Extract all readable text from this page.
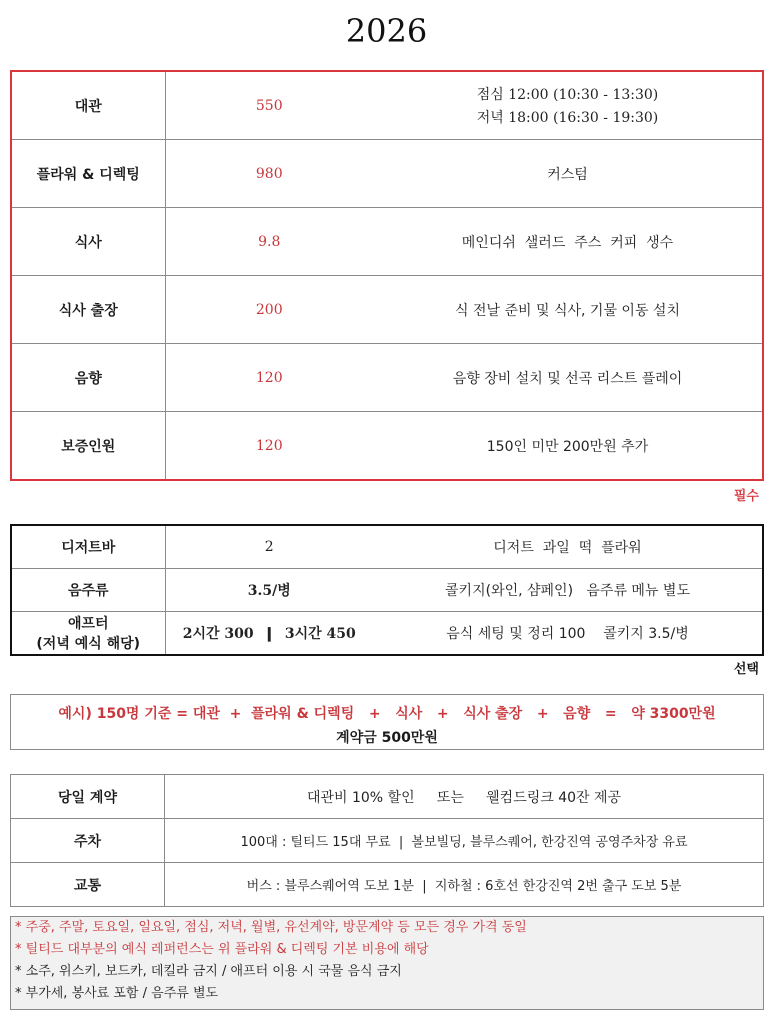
2026
대관	550	점심 12:00 (10:30 - 13:30)
저녁 18:00 (16:30 - 19:30)

플라워 & 디렉팅	980	커스텀
식사	9.8	메인디쉬  샐러드  주스  커피  생수
식사 출장	200	식 전날 준비 및 식사, 기물 이동 설치
음향	120	음향 장비 설치 및 선곡 리스트 플레이
보증인원	120	150인 미만 200만원 추가
필수
디저트바	2	디저트  과일  떡  플라워
음주류	3.5/병	콜키지(와인, 샴페인)   음주류 메뉴 별도

애프터
(저녁 예식 해당)	2시간 300  ❙  3시간 450	음식 세팅 및 정리 100    콜키지 3.5/병
선택
예시) 150명 기준 = 대관  +  플라워 & 디렉팅   +   식사   +   식사 출장   +   음향   =   약 3300만원
계약금 500만원
당일 계약	대관비 10% 할인     또는     웰컴드링크 40잔 제공
주차	100대 : 틸티드 15대 무료  |  볼보빌딩, 블루스퀘어, 한강진역 공영주차장 유료
교통	버스 : 블루스퀘어역 도보 1분  |  지하철 : 6호선 한강진역 2번 출구 도보 5분
* 주중, 주말, 토요일, 일요일, 점심, 저녁, 월별, 유선계약, 방문계약 등 모든 경우 가격 동일
* 틸티드 대부분의 예식 레퍼런스는 위 플라워 & 디렉팅 기본 비용에 해당
* 소주, 위스키, 보드카, 데킬라 금지 / 애프터 이용 시 국물 음식 금지
* 부가세, 봉사료 포함 / 음주류 별도
